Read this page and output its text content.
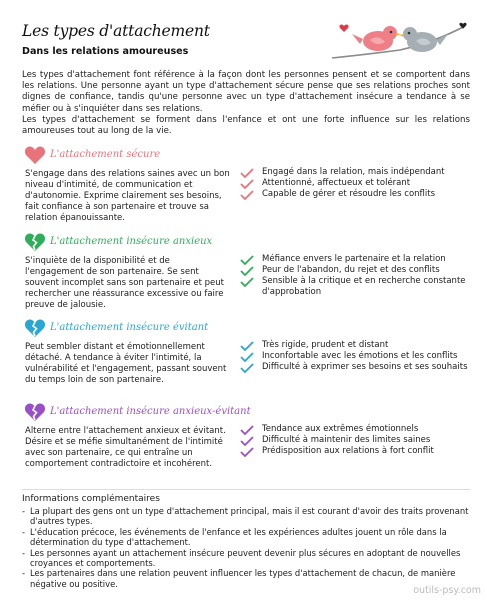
Les types d'attachement
Dans les relations amoureuses

Les types d'attachement font référence à la façon dont les personnes pensent et se comportent dans les relations. Une personne ayant un type d'attachement sécure pense que ses relations proches sont dignes de confiance, tandis qu'une personne avec un type d'attachement insécure a tendance à se méfier ou à s'inquiéter dans ses relations.

Les types d'attachement se forment dans l'enfance et ont une forte influence sur les relations amoureuses tout au long de la vie.

L'attachement sécure
S'engage dans des relations saines avec un bon niveau d'intimité, de communication et d'autonomie. Exprime clairement ses besoins, fait confiance à son partenaire et trouve sa relation épanouissante.
Engagé dans la relation, mais indépendant
Attentionné, affectueux et tolérant
Capable de gérer et résoudre les conflits
L'attachement insécure anxieux
S'inquiète de la disponibilité et de l'engagement de son partenaire. Se sent souvent incomplet sans son partenaire et peut rechercher une réassurance excessive ou faire preuve de jalousie.
Méfiance envers le partenaire et la relation
Peur de l'abandon, du rejet et des conflits
Sensible à la critique et en recherche constante d'approbation
L'attachement insécure évitant
Peut sembler distant et émotionnellement détaché. A tendance à éviter l'intimité, la vulnérabilité et l'engagement, passant souvent du temps loin de son partenaire.
Très rigide, prudent et distant
Inconfortable avec les émotions et les conflits
Difficulté à exprimer ses besoins et ses souhaits
L'attachement insécure anxieux-évitant
Alterne entre l'attachement anxieux et évitant. Désire et se méfie simultanément de l'intimité avec son partenaire, ce qui entraîne un comportement contradictoire et incohérent.
Tendance aux extrêmes émotionnels
Difficulté à maintenir des limites saines
Prédisposition aux relations à fort conflit
Informations complémentaires
- La plupart des gens ont un type d'attachement principal, mais il est courant d'avoir des traits provenant d'autres types.
- L'éducation précoce, les événements de l'enfance et les expériences adultes jouent un rôle dans la détermination du type d'attachement.
- Les personnes ayant un attachement insécure peuvent devenir plus sécures en adoptant de nouvelles croyances et comportements.
- Les partenaires dans une relation peuvent influencer les types d'attachement de chacun, de manière négative ou positive.
outils-psy.com
